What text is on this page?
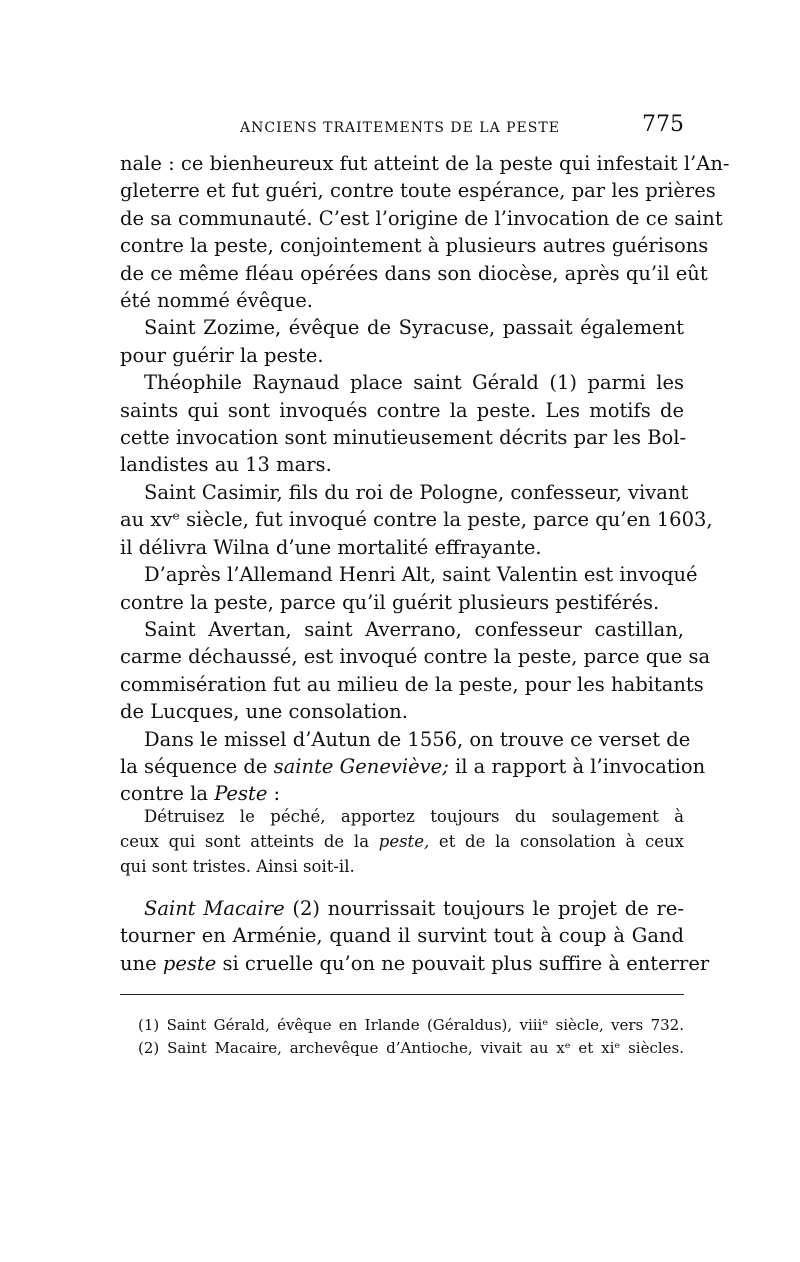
ANCIENS TRAITEMENTS DE LA PESTE	775
nale : ce bienheureux fut atteint de la peste qui infestait l’An-
gleterre et fut guéri, contre toute espérance, par les prières
de sa communauté. C’est l’origine de l’invocation de ce saint
contre la peste, conjointement à plusieurs autres guérisons
de ce même fléau opérées dans son diocèse, après qu’il eût
été nommé évêque.
Saint Zozime, évêque de Syracuse, passait également
pour guérir la peste.
Théophile Raynaud place saint Gérald (1) parmi les
saints qui sont invoqués contre la peste. Les motifs de
cette invocation sont minutieusement décrits par les Bol-
landistes au 13 mars.
Saint Casimir, fils du roi de Pologne, confesseur, vivant
au xvᵉ siècle, fut invoqué contre la peste, parce qu’en 1603,
il délivra Wilna d’une mortalité effrayante.
D’après l’Allemand Henri Alt, saint Valentin est invoqué
contre la peste, parce qu’il guérit plusieurs pestiférés.
Saint Avertan, saint Averrano, confesseur castillan,
carme déchaussé, est invoqué contre la peste, parce que sa
commisération fut au milieu de la peste, pour les habitants
de Lucques, une consolation.
Dans le missel d’Autun de 1556, on trouve ce verset de
la séquence de sainte Geneviève; il a rapport à l’invocation
contre la Peste :
Détruisez le péché, apportez toujours du soulagement à
ceux qui sont atteints de la peste, et de la consolation à ceux
qui sont tristes. Ainsi soit-il.
Saint Macaire (2) nourrissait toujours le projet de re-
tourner en Arménie, quand il survint tout à coup à Gand
une peste si cruelle qu’on ne pouvait plus suffire à enterrer
(1) Saint Gérald, évêque en Irlande (Géraldus), viiiᵉ siècle, vers 732.
(2) Saint Macaire, archevêque d’Antioche, vivait au xᵉ et xiᵉ siècles.
